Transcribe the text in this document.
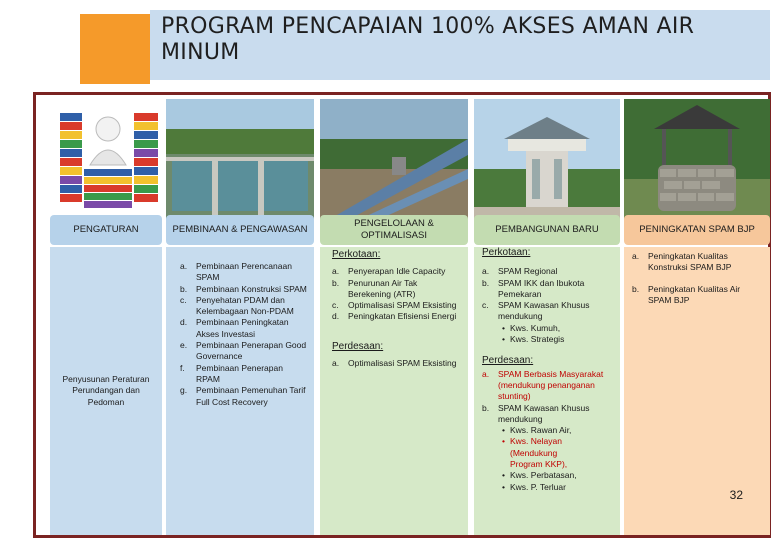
PROGRAM PENCAPAIAN 100% AKSES AMAN AIR MINUM
PENGATURAN
Penyusunan Peraturan Perundangan dan Pedoman
PEMBINAAN & PENGAWASAN
a.	Pembinaan Perencanaan SPAM
b.	Pembinaan Konstruksi SPAM
c.	Penyehatan PDAM dan Kelembagaan Non-PDAM
d.	Pembinaan Peningkatan Akses Investasi
e.	Pembinaan Penerapan Good Governance
f.	Pembinaan Penerapan RPAM
g.	Pembinaan Pemenuhan Tarif Full Cost Recovery
PENGELOLAAN & OPTIMALISASI
Perkotaan:
a.	Penyerapan Idle Capacity
b.	Penurunan Air Tak Berekening (ATR)
c.	Optimalisasi SPAM Eksisting
d.	Peningkatan Efisiensi Energi
Perdesaan:
a.	Optimalisasi SPAM Eksisting
PEMBANGUNAN BARU
Perkotaan:
a.	SPAM Regional
b.	SPAM IKK dan Ibukota Pemekaran
c.	SPAM Kawasan Khusus mendukung
• Kws. Kumuh,
• Kws. Strategis
Perdesaan:
a.	SPAM Berbasis Masyarakat (mendukung penanganan stunting)
b.	SPAM Kawasan Khusus mendukung
• Kws. Rawan Air,
• Kws. Nelayan (Mendukung Program KKP),
• Kws. Perbatasan,
• Kws. P. Terluar
PENINGKATAN SPAM BJP
a.	Peningkatan Kualitas Konstruksi SPAM BJP
b.	Peningkatan Kualitas Air SPAM BJP
32
